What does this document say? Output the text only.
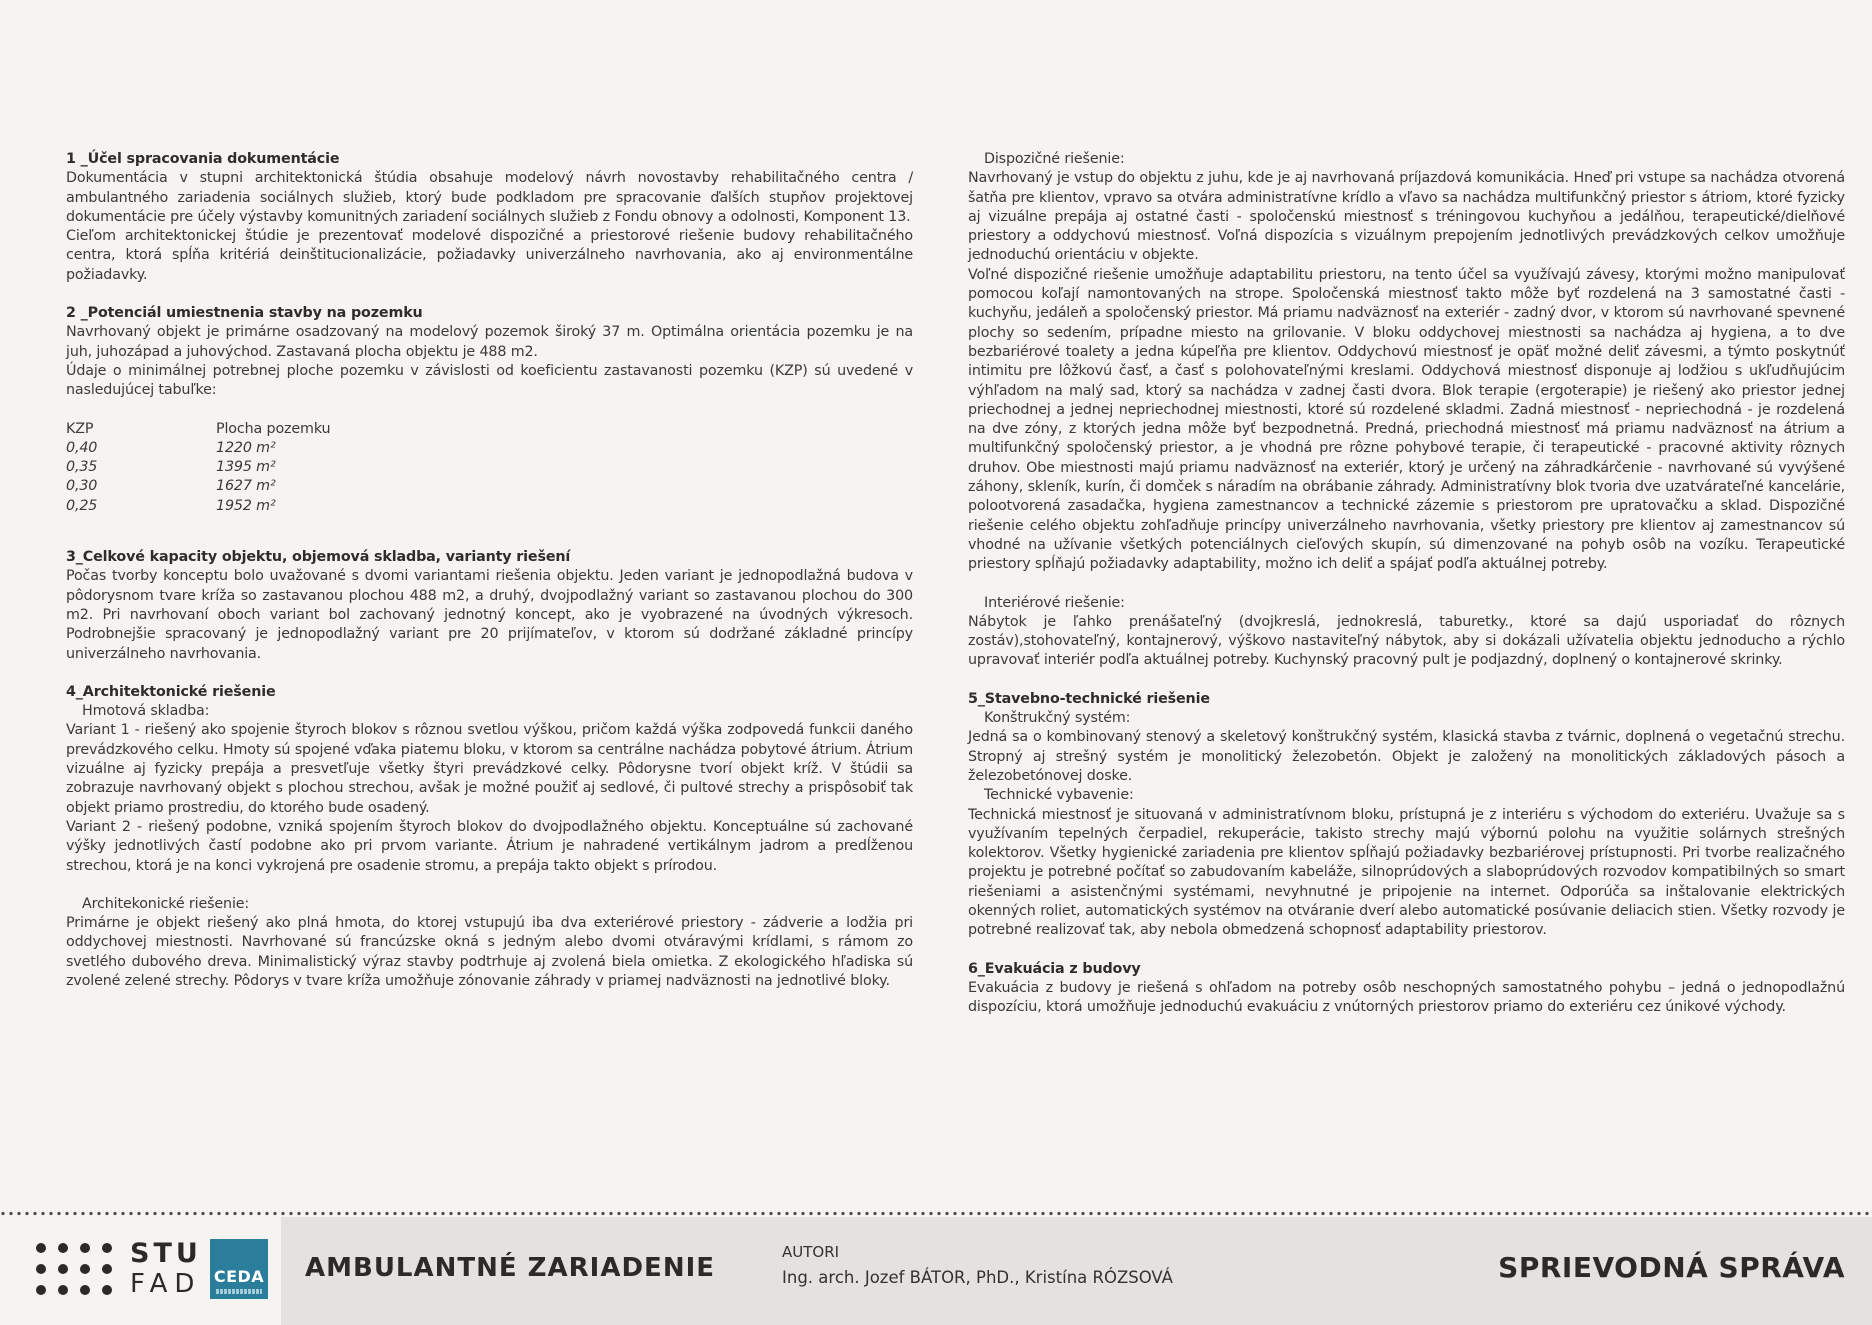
1 _Účel spracovania dokumentácie

Dokumentácia v stupni architektonická štúdia obsahuje modelový návrh novostavby rehabilitačného centra / ambulantného zariadenia sociálnych služieb, ktorý bude podkladom pre spracovanie ďalších stupňov projektovej dokumentácie pre účely výstavby komunitných zariadení sociálnych služieb z Fondu obnovy a odolnosti, Komponent 13.

Cieľom architektonickej štúdie je prezentovať modelové dispozičné a priestorové riešenie budovy rehabilitačného centra, ktorá spĺňa kritériá deinštitucionalizácie, požiadavky univerzálneho navrhovania, ako aj environmentálne požiadavky.

2 _Potenciál umiestnenia stavby na pozemku

Navrhovaný objekt je primárne osadzovaný na modelový pozemok široký 37 m. Optimálna orientácia pozemku je na juh, juhozápad a juhovýchod. Zastavaná plocha objektu je 488 m2.

Údaje o minimálnej potrebnej ploche pozemku v závislosti od koeficientu zastavanosti pozemku (KZP) sú uvedené v nasledujúcej tabuľke:

KZP	Plocha pozemku
0,40	1220 m²
0,35	1395 m²
0,30	1627 m²
0,25	1952 m²
3_Celkové kapacity objektu, objemová skladba, varianty riešení

Počas tvorby konceptu bolo uvažované s dvomi variantami riešenia objektu. Jeden variant je jednopodlažná budova v pôdorysnom tvare kríža so zastavanou plochou 488 m2, a druhý, dvojpodlažný variant so zastavanou plochou do 300 m2. Pri navrhovaní oboch variant bol zachovaný jednotný koncept, ako je vyobrazené na úvodných výkresoch. Podrobnejšie spracovaný je jednopodlažný variant pre 20 prijímateľov, v ktorom sú dodržané základné princípy univerzálneho navrhovania.

4_Architektonické riešenie
Hmotová skladba:

Variant 1 - riešený ako spojenie štyroch blokov s rôznou svetlou výškou, pričom každá výška zodpovedá funkcii daného prevádzkového celku. Hmoty sú spojené vďaka piatemu bloku, v ktorom sa centrálne nachádza pobytové átrium. Átrium vizuálne aj fyzicky prepája a presvetľuje všetky štyri prevádzkové celky. Pôdorysne tvorí objekt kríž. V štúdii sa zobrazuje navrhovaný objekt s plochou strechou, avšak je možné použiť aj sedlové, či pultové strechy a prispôsobiť tak objekt priamo prostrediu, do ktorého bude osadený.

Variant 2 - riešený podobne, vzniká spojením štyroch blokov do dvojpodlažného objektu. Konceptuálne sú zachované výšky jednotlivých častí podobne ako pri prvom variante. Átrium je nahradené vertikálnym jadrom a predĺženou strechou, ktorá je na konci vykrojená pre osadenie stromu, a prepája takto objekt s prírodou.

Architekonické riešenie:

Primárne je objekt riešený ako plná hmota, do ktorej vstupujú iba dva exteriérové priestory - zádverie a lodžia pri oddychovej miestnosti. Navrhované sú francúzske okná s jedným alebo dvomi otváravými krídlami, s rámom zo svetlého dubového dreva. Minimalistický výraz stavby podtrhuje aj zvolená biela omietka. Z ekologického hľadiska sú zvolené zelené strechy. Pôdorys v tvare kríža umožňuje zónovanie záhrady v priamej nadväznosti na jednotlivé bloky.

Dispozičné riešenie:

Navrhovaný je vstup do objektu z juhu, kde je aj navrhovaná príjazdová komunikácia. Hneď pri vstupe sa nachádza otvorená šatňa pre klientov, vpravo sa otvára administratívne krídlo a vľavo sa nachádza multifunkčný priestor s átriom, ktoré fyzicky aj vizuálne prepája aj ostatné časti - spoločenskú miestnosť s tréningovou kuchyňou a jedálňou, terapeutické/dielňové priestory a oddychovú miestnosť. Voľná dispozícia s vizuálnym prepojením jednotlivých prevádzkových celkov umožňuje jednoduchú orientáciu v objekte.

Voľné dispozičné riešenie umožňuje adaptabilitu priestoru, na tento účel sa využívajú závesy, ktorými možno manipulovať pomocou koľají namontovaných na strope. Spoločenská miestnosť takto môže byť rozdelená na 3 samostatné časti - kuchyňu, jedáleň a spoločenský priestor. Má priamu nadväznosť na exteriér - zadný dvor, v ktorom sú navrhované spevnené plochy so sedením, prípadne miesto na grilovanie. V bloku oddychovej miestnosti sa nachádza aj hygiena, a to dve bezbariérové toalety a jedna kúpeľňa pre klientov. Oddychovú miestnosť je opäť možné deliť závesmi, a týmto poskytnúť intimitu pre lôžkovú časť, a časť s polohovateľnými kreslami. Oddychová miestnosť disponuje aj lodžiou s ukľudňujúcim výhľadom na malý sad, ktorý sa nachádza v zadnej časti dvora. Blok terapie (ergoterapie) je riešený ako priestor jednej priechodnej a jednej nepriechodnej miestnosti, ktoré sú rozdelené skladmi. Zadná miestnosť - nepriechodná - je rozdelená na dve zóny, z ktorých jedna môže byť bezpodnetná. Predná, priechodná miestnosť má priamu nadväznosť na átrium a multifunkčný spoločenský priestor, a je vhodná pre rôzne pohybové terapie, či terapeutické - pracovné aktivity rôznych druhov. Obe miestnosti majú priamu nadväznosť na exteriér, ktorý je určený na záhradkárčenie - navrhované sú vyvýšené záhony, skleník, kurín, či domček s náradím na obrábanie záhrady. Administratívny blok tvoria dve uzatvárateľné kancelárie, polootvorená zasadačka, hygiena zamestnancov a technické zázemie s priestorom pre upratovačku a sklad. Dispozičné riešenie celého objektu zohľadňuje princípy univerzálneho navrhovania, všetky priestory pre klientov aj zamestnancov sú vhodné na užívanie všetkých potenciálnych cieľových skupín, sú dimenzované na pohyb osôb na vozíku. Terapeutické priestory spĺňajú požiadavky adaptability, možno ich deliť a spájať podľa aktuálnej potreby.

Interiérové riešenie:

Nábytok je ľahko prenášateľný (dvojkreslá, jednokreslá, taburetky., ktoré sa dajú usporiadať do rôznych zostáv),stohovateľný, kontajnerový, výškovo nastaviteľný nábytok, aby si dokázali užívatelia objektu jednoducho a rýchlo upravovať interiér podľa aktuálnej potreby. Kuchynský pracovný pult je podjazdný, doplnený o kontajnerové skrinky.

5_Stavebno-technické riešenie
Konštrukčný systém:

Jedná sa o kombinovaný stenový a skeletový konštrukčný systém, klasická stavba z tvárnic, doplnená o vegetačnú strechu. Stropný aj strešný systém je monolitický železobetón. Objekt je založený na monolitických základových pásoch a železobetónovej doske.

Technické vybavenie:

Technická miestnosť je situovaná v administratívnom bloku, prístupná je z interiéru s východom do exteriéru. Uvažuje sa s využívaním tepelných čerpadiel, rekuperácie, takisto strechy majú výbornú polohu na využitie solárnych strešných kolektorov. Všetky hygienické zariadenia pre klientov spĺňajú požiadavky bezbariérovej prístupnosti. Pri tvorbe realizačného projektu je potrebné počítať so zabudovaním kabeláže, silnoprúdových a slaboprúdových rozvodov kompatibilných so smart riešeniami a asistenčnými systémami, nevyhnutné je pripojenie na internet. Odporúča sa inštalovanie elektrických okenných roliet, automatických systémov na otváranie dverí alebo automatické posúvanie deliacich stien. Všetky rozvody je potrebné realizovať tak, aby nebola obmedzená schopnosť adaptability priestorov.

6_Evakuácia z budovy

Evakuácia z budovy je riešená s ohľadom na potreby osôb neschopných samostatného pohybu – jedná o jednopodlažnú dispozíciu, ktorá umožňuje jednoduchú evakuáciu z vnútorných priestorov priamo do exteriéru cez únikové východy.

STU
FAD CEDA AMBULANTNÉ ZARIADENIE
AUTORI
Ing. arch. Jozef BÁTOR, PhD., Kristína RÓZSOVÁ	SPRIEVODNÁ SPRÁVA
